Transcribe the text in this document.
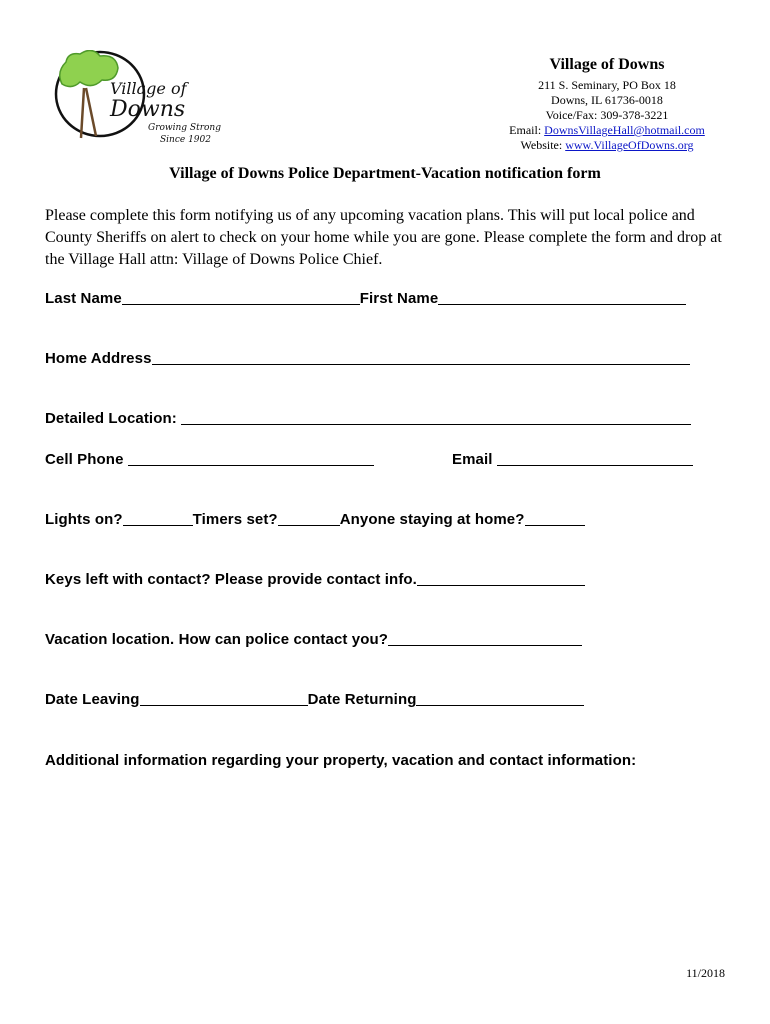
Village of
Downs
Growing Strong
Since 1902
Village of Downs
211 S. Seminary, PO Box 18
Downs, IL 61736-0018
Voice/Fax: 309-378-3221
Email: DownsVillageHall@hotmail.com
Website: www.VillageOfDowns.org
Village of Downs Police Department-Vacation notification form
Please complete this form notifying us of any upcoming vacation plans. This will put local police and County Sheriffs on alert to check on your home while you are gone. Please complete the form and drop at the Village Hall attn: Village of Downs Police Chief.
Last Name	First Name
Home Address
Detailed Location:
Cell Phone	Email
Lights on?	Timers set?	Anyone staying at home?
Keys left with contact? Please provide contact info.
Vacation location. How can police contact you?
Date Leaving	Date Returning
Additional information regarding your property, vacation and contact information:
11/2018
